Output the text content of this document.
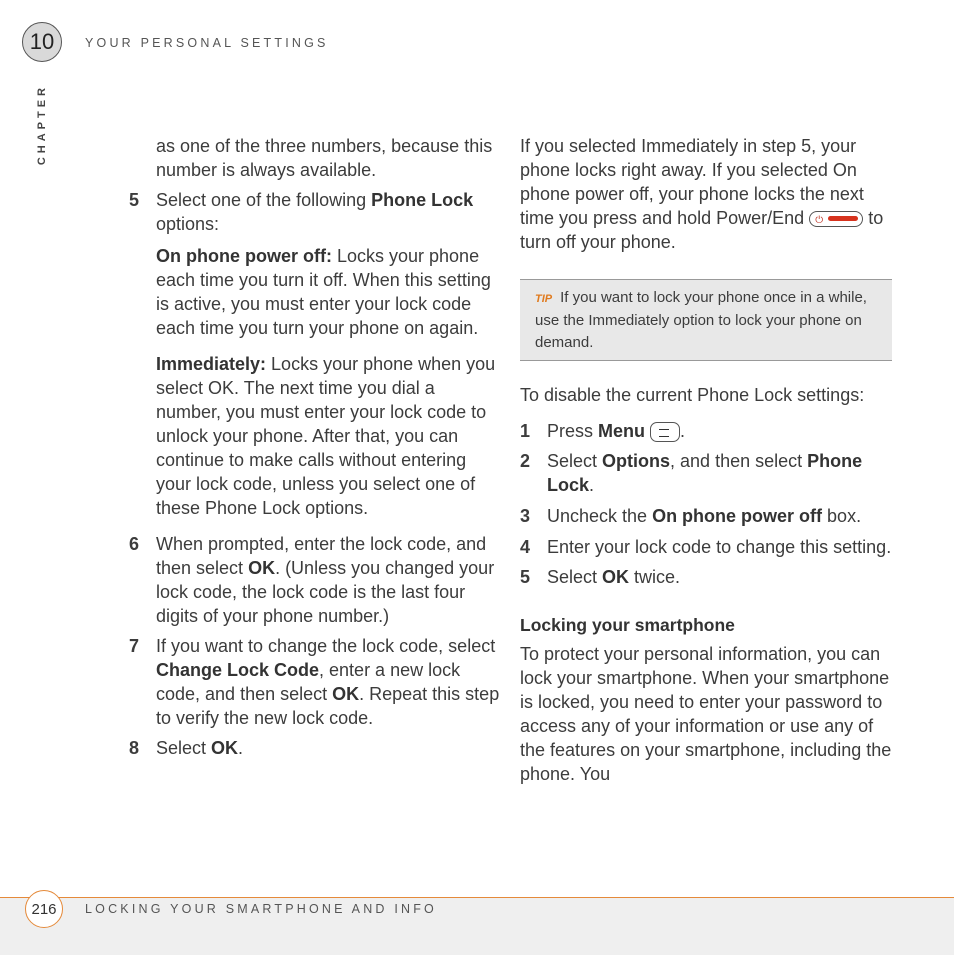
10 YOUR PERSONAL SETTINGS
CHAPTER	as one of the three numbers, because this number is always available.

5 Select one of the following Phone Lock options:

On phone power off: Locks your phone each time you turn it off. When this setting is active, you must enter your lock code each time you turn your phone on again.

Immediately: Locks your phone when you select OK. The next time you dial a number, you must enter your lock code to unlock your phone. After that, you can continue to make calls without entering your lock code, unless you select one of these Phone Lock options.

6 When prompted, enter the lock code, and then select OK. (Unless you changed your lock code, the lock code is the last four digits of your phone number.)
7 If you want to change the lock code, select Change Lock Code, enter a new lock code, and then select OK. Repeat this step to verify the new lock code.
8 Select OK.

If you selected Immediately in step 5, your phone locks right away. If you selected On phone power off, your phone locks the next time you press and hold Power/End ⏻	to turn off your phone.

TIP If you want to lock your phone once in a while, use the Immediately option to lock your phone on demand.

To disable the current Phone Lock settings:

1 Press Menu .
2 Select Options, and then select Phone Lock.
3 Uncheck the On phone power off box.
4 Enter your lock code to change this setting.
5 Select OK twice.

Locking your smartphone

To protect your personal information, you can lock your smartphone. When your smartphone is locked, you need to enter your password to access any of your information or use any of the features on your smartphone, including the phone. You

216 LOCKING YOUR SMARTPHONE AND INFO
